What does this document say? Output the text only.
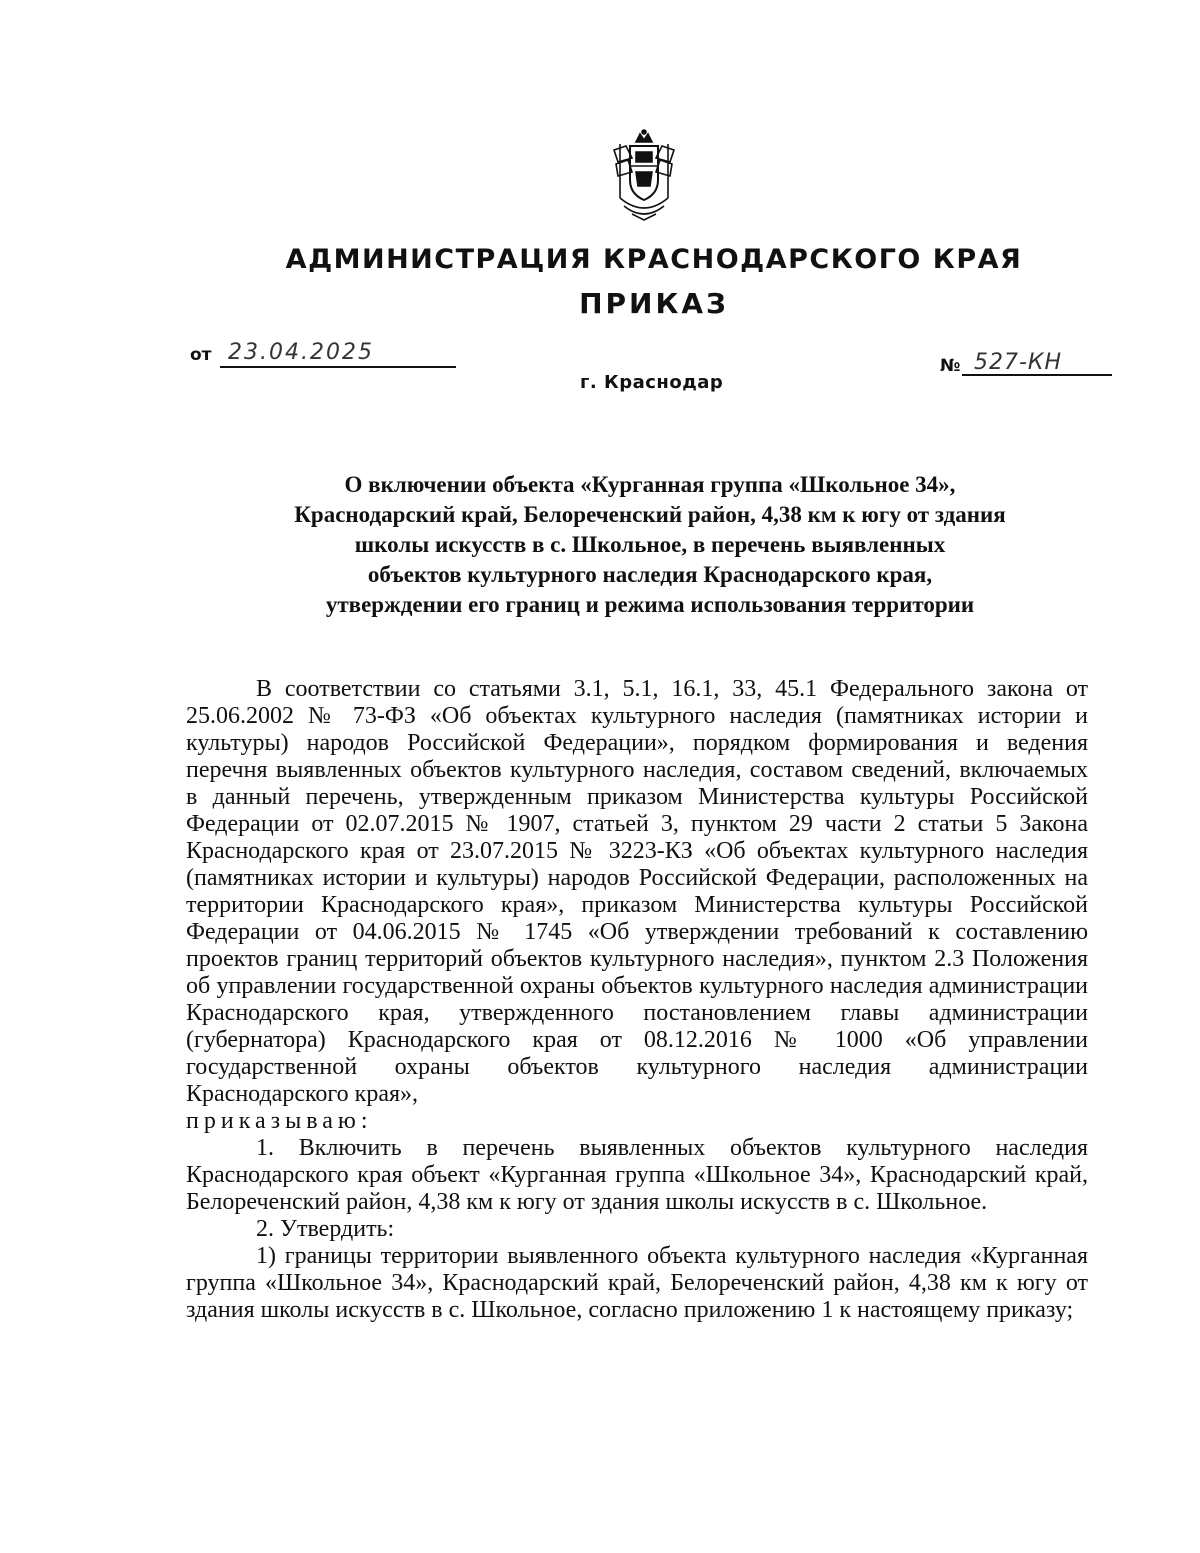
АДМИНИСТРАЦИЯ КРАСНОДАРСКОГО КРАЯ
ПРИКАЗ
от 23.04.2025
г. Краснодар
№ 527-КН
О включении объекта «Курганная группа «Школьное 34»,
Краснодарский край, Белореченский район, 4,38 км к югу от здания
школы искусств в с. Школьное, в перечень выявленных
объектов культурного наследия Краснодарского края,
утверждении его границ и режима использования территории

В соответствии со статьями 3.1, 5.1, 16.1, 33, 45.1 Федерального закона от 25.06.2002 № 73-ФЗ «Об объектах культурного наследия (памятниках истории и культуры) народов Российской Федерации», порядком формирования и ведения перечня выявленных объектов культурного наследия, составом сведений, включаемых в данный перечень, утвержденным приказом Министерства культуры Российской Федерации от 02.07.2015 № 1907, статьей 3, пунктом 29 части 2 статьи 5 Закона Краснодарского края от 23.07.2015 № 3223-КЗ «Об объектах культурного наследия (памятниках истории и культуры) народов Российской Федерации, расположенных на территории Краснодарского края», приказом Министерства культуры Российской Федерации от 04.06.2015 № 1745 «Об утверждении требований к составлению проектов границ территорий объектов культурного наследия», пунктом 2.3 Положения об управлении государственной охраны объектов культурного наследия администрации Краснодарского края, утвержденного постановлением главы администрации (губернатора) Краснодарского края от 08.12.2016 № 1000 «Об управлении государственной охраны объектов культурного наследия администрации Краснодарского края»,

приказываю:

1. Включить в перечень выявленных объектов культурного наследия Краснодарского края объект «Курганная группа «Школьное 34», Краснодарский край, Белореченский район, 4,38 км к югу от здания школы искусств в с. Школьное.

2. Утвердить:

1) границы территории выявленного объекта культурного наследия «Курганная группа «Школьное 34», Краснодарский край, Белореченский район, 4,38 км к югу от здания школы искусств в с. Школьное, согласно приложению 1 к настоящему приказу;
